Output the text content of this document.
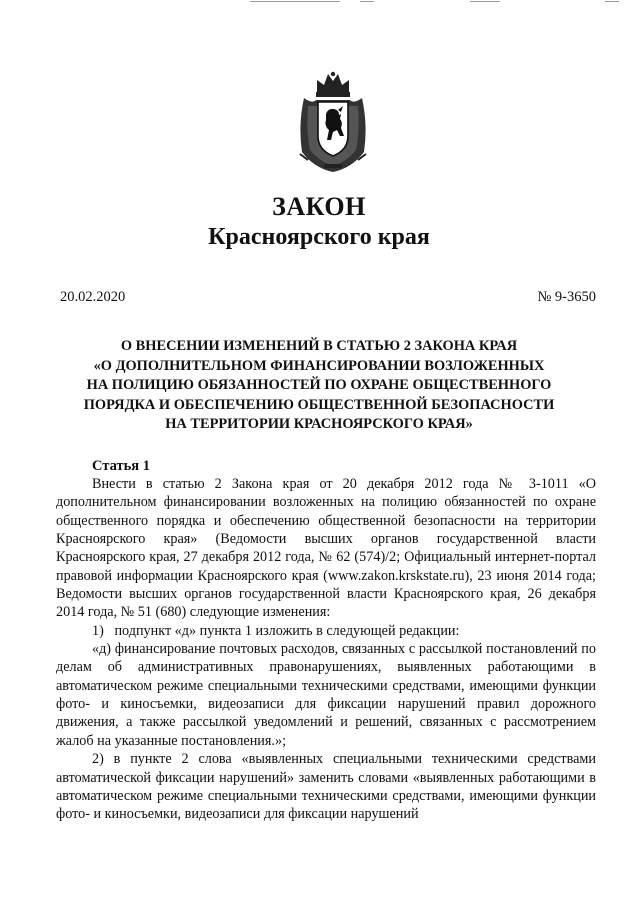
ЗАКОН
Красноярского края
20.02.2020	№ 9-3650
О ВНЕСЕНИИ ИЗМЕНЕНИЙ В СТАТЬЮ 2 ЗАКОНА КРАЯ
«О ДОПОЛНИТЕЛЬНОМ ФИНАНСИРОВАНИИ ВОЗЛОЖЕННЫХ
НА ПОЛИЦИЮ ОБЯЗАННОСТЕЙ ПО ОХРАНЕ ОБЩЕСТВЕННОГО
ПОРЯДКА И ОБЕСПЕЧЕНИЮ ОБЩЕСТВЕННОЙ БЕЗОПАСНОСТИ
НА ТЕРРИТОРИИ КРАСНОЯРСКОГО КРАЯ»
Статья 1

Внести в статью 2 Закона края от 20 декабря 2012 года № 3-1011 «О дополнительном финансировании возложенных на полицию обязанностей по охране общественного порядка и обеспечению общественной безопасности на территории Красноярского края» (Ведомости высших органов государственной власти Красноярского края, 27 декабря 2012 года, № 62 (574)/2; Официальный интернет-портал правовой информации Красноярского края (www.zakon.krskstate.ru), 23 июня 2014 года; Ведомости высших органов государственной власти Красноярского края, 26 декабря 2014 года, № 51 (680) следующие изменения:

1)   подпункт «д» пункта 1 изложить в следующей редакции:

«д) финансирование почтовых расходов, связанных с рассылкой постановлений по делам об административных правонарушениях, выявленных работающими в автоматическом режиме специальными техническими средствами, имеющими функции фото- и киносъемки, видеозаписи для фиксации нарушений правил дорожного движения, а также рассылкой уведомлений и решений, связанных с рассмотрением жалоб на указанные постановления.»;

2) в пункте 2 слова «выявленных специальными техническими средствами автоматической фиксации нарушений» заменить словами «выявленных работающими в автоматическом режиме специальными техническими средствами, имеющими функции фото- и киносъемки, видеозаписи для фиксации нарушений
